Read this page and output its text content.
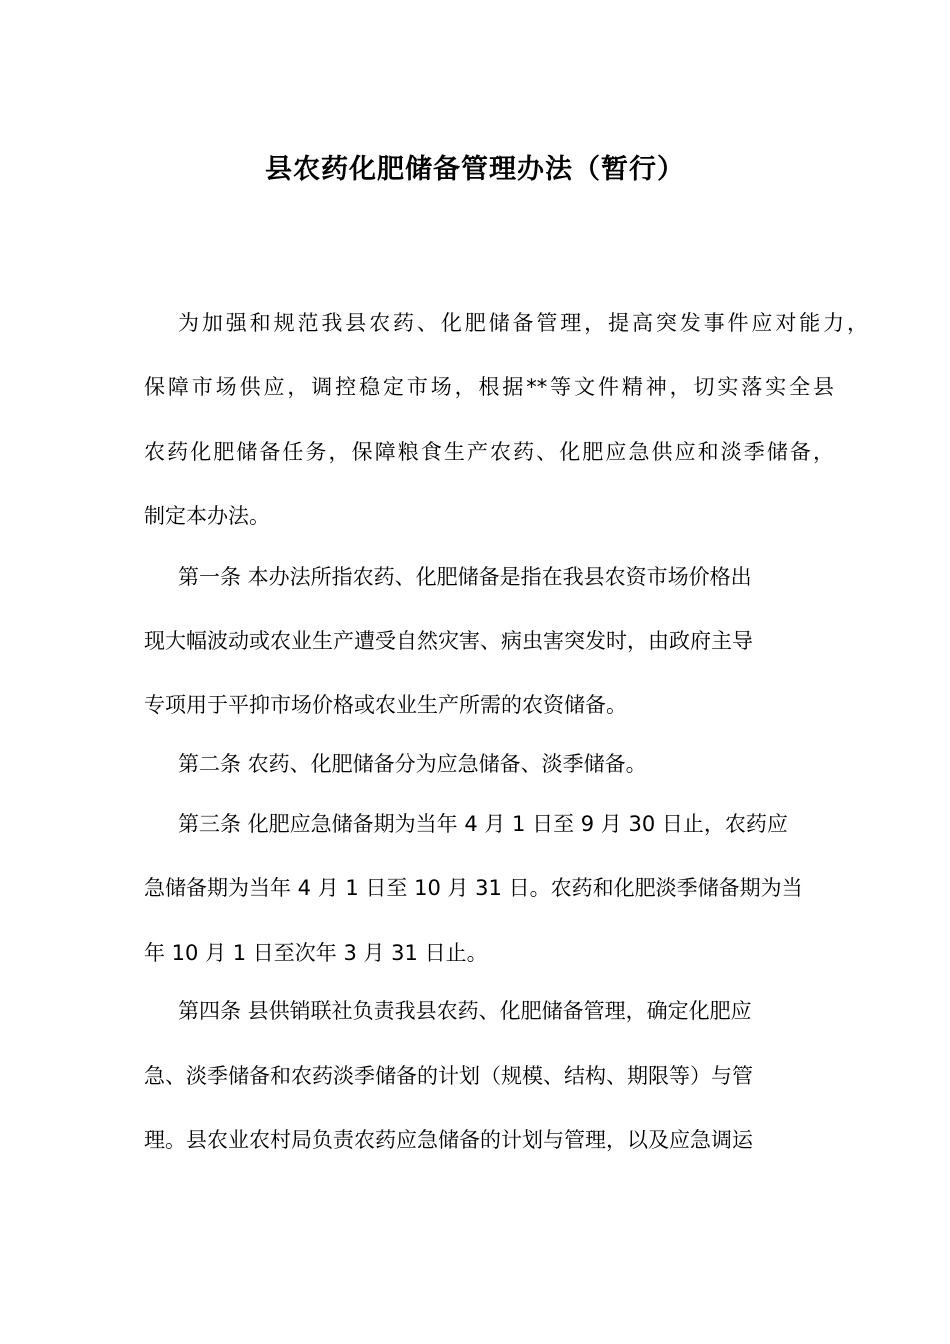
县农药化肥储备管理办法（暂行）
为加强和规范我县农药、化肥储备管理，提高突发事件应对能力，
保障市场供应，调控稳定市场，根据**等文件精神，切实落实全县
农药化肥储备任务，保障粮食生产农药、化肥应急供应和淡季储备，
制定本办法。
第一条 本办法所指农药、化肥储备是指在我县农资市场价格出
现大幅波动或农业生产遭受自然灾害、病虫害突发时，由政府主导
专项用于平抑市场价格或农业生产所需的农资储备。
第二条 农药、化肥储备分为应急储备、淡季储备。
第三条 化肥应急储备期为当年 4 月 1 日至 9 月 30 日止，农药应
急储备期为当年 4 月 1 日至 10 月 31 日。农药和化肥淡季储备期为当
年 10 月 1 日至次年 3 月 31 日止。
第四条 县供销联社负责我县农药、化肥储备管理，确定化肥应
急、淡季储备和农药淡季储备的计划（规模、结构、期限等）与管
理。县农业农村局负责农药应急储备的计划与管理，以及应急调运
